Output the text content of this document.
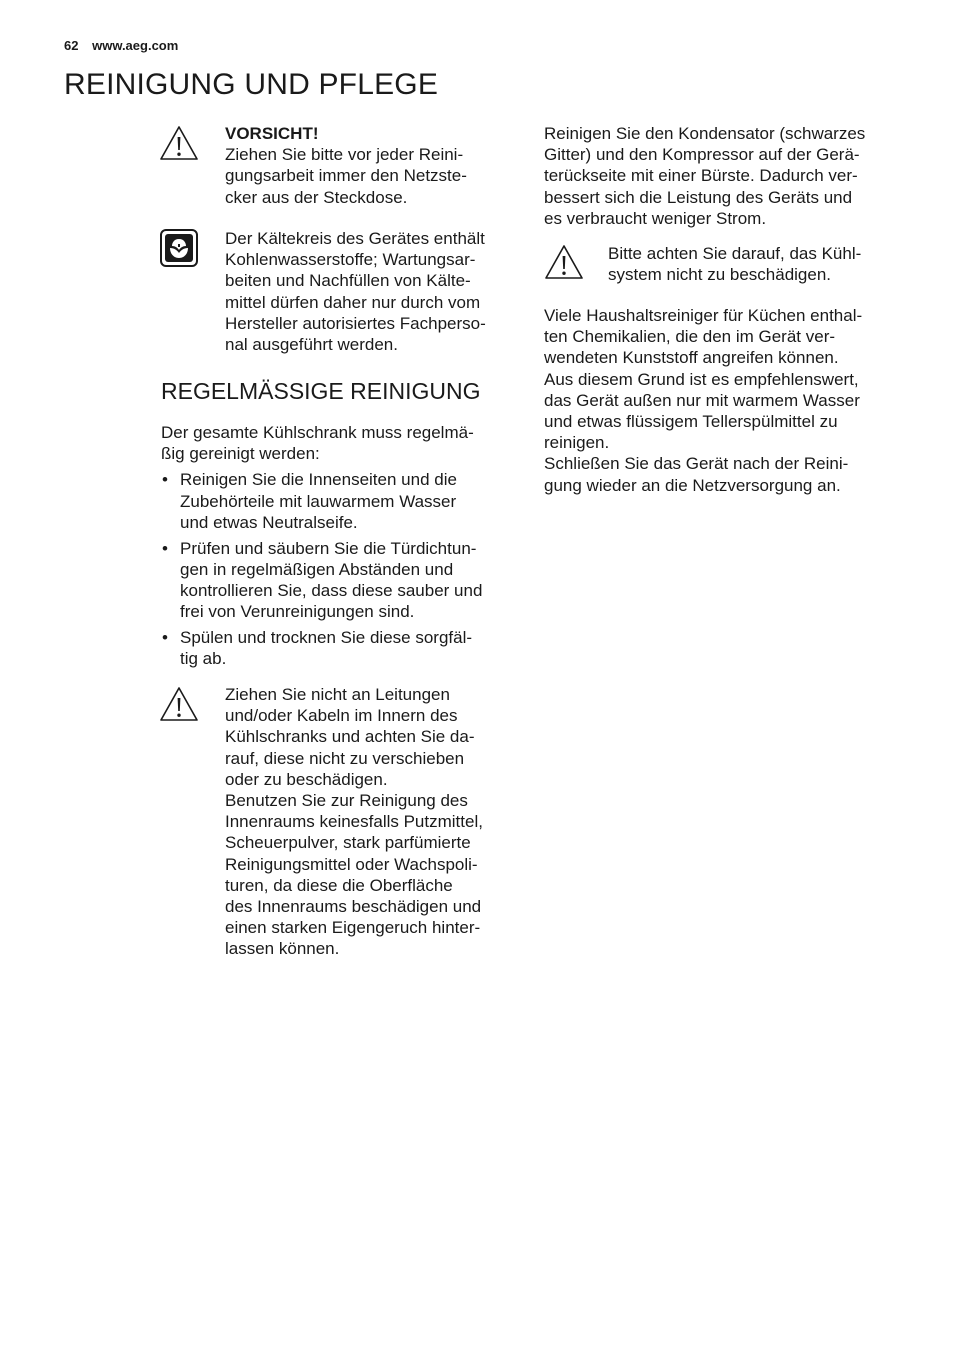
62 www.aeg.com
REINIGUNG UND PFLEGE

VORSICHT!

Ziehen Sie bitte vor jeder Reini-

gungsarbeit immer den Netzste-

cker aus der Steckdose.

Der Kältekreis des Gerätes enthält

Kohlenwasserstoffe; Wartungsar-

beiten und Nachfüllen von Kälte-

mittel dürfen daher nur durch vom

Hersteller autorisiertes Fachperso-

nal ausgeführt werden.

REGELMÄSSIGE REINIGUNG

Der gesamte Kühlschrank muss regelmä-

ßig gereinigt werden:

• Reinigen Sie die Innenseiten und die
Zubehörteile mit lauwarmem Wasser
und etwas Neutralseife.
• Prüfen und säubern Sie die Türdichtun-
gen in regelmäßigen Abständen und
kontrollieren Sie, dass diese sauber und
frei von Verunreinigungen sind.
• Spülen und trocknen Sie diese sorgfäl-
tig ab.

Ziehen Sie nicht an Leitungen

und/oder Kabeln im Innern des

Kühlschranks und achten Sie da-

rauf, diese nicht zu verschieben

oder zu beschädigen.

Benutzen Sie zur Reinigung des

Innenraums keinesfalls Putzmittel,

Scheuerpulver, stark parfümierte

Reinigungsmittel oder Wachspoli-

turen, da diese die Oberfläche

des Innenraums beschädigen und

einen starken Eigengeruch hinter-

lassen können.

Reinigen Sie den Kondensator (schwarzes

Gitter) und den Kompressor auf der Gerä-

terückseite mit einer Bürste. Dadurch ver-

bessert sich die Leistung des Geräts und

es verbraucht weniger Strom.

Bitte achten Sie darauf, das Kühl-

system nicht zu beschädigen.

Viele Haushaltsreiniger für Küchen enthal-

ten Chemikalien, die den im Gerät ver-

wendeten Kunststoff angreifen können.

Aus diesem Grund ist es empfehlenswert,

das Gerät außen nur mit warmem Wasser

und etwas flüssigem Tellerspülmittel zu

reinigen.

Schließen Sie das Gerät nach der Reini-

gung wieder an die Netzversorgung an.
